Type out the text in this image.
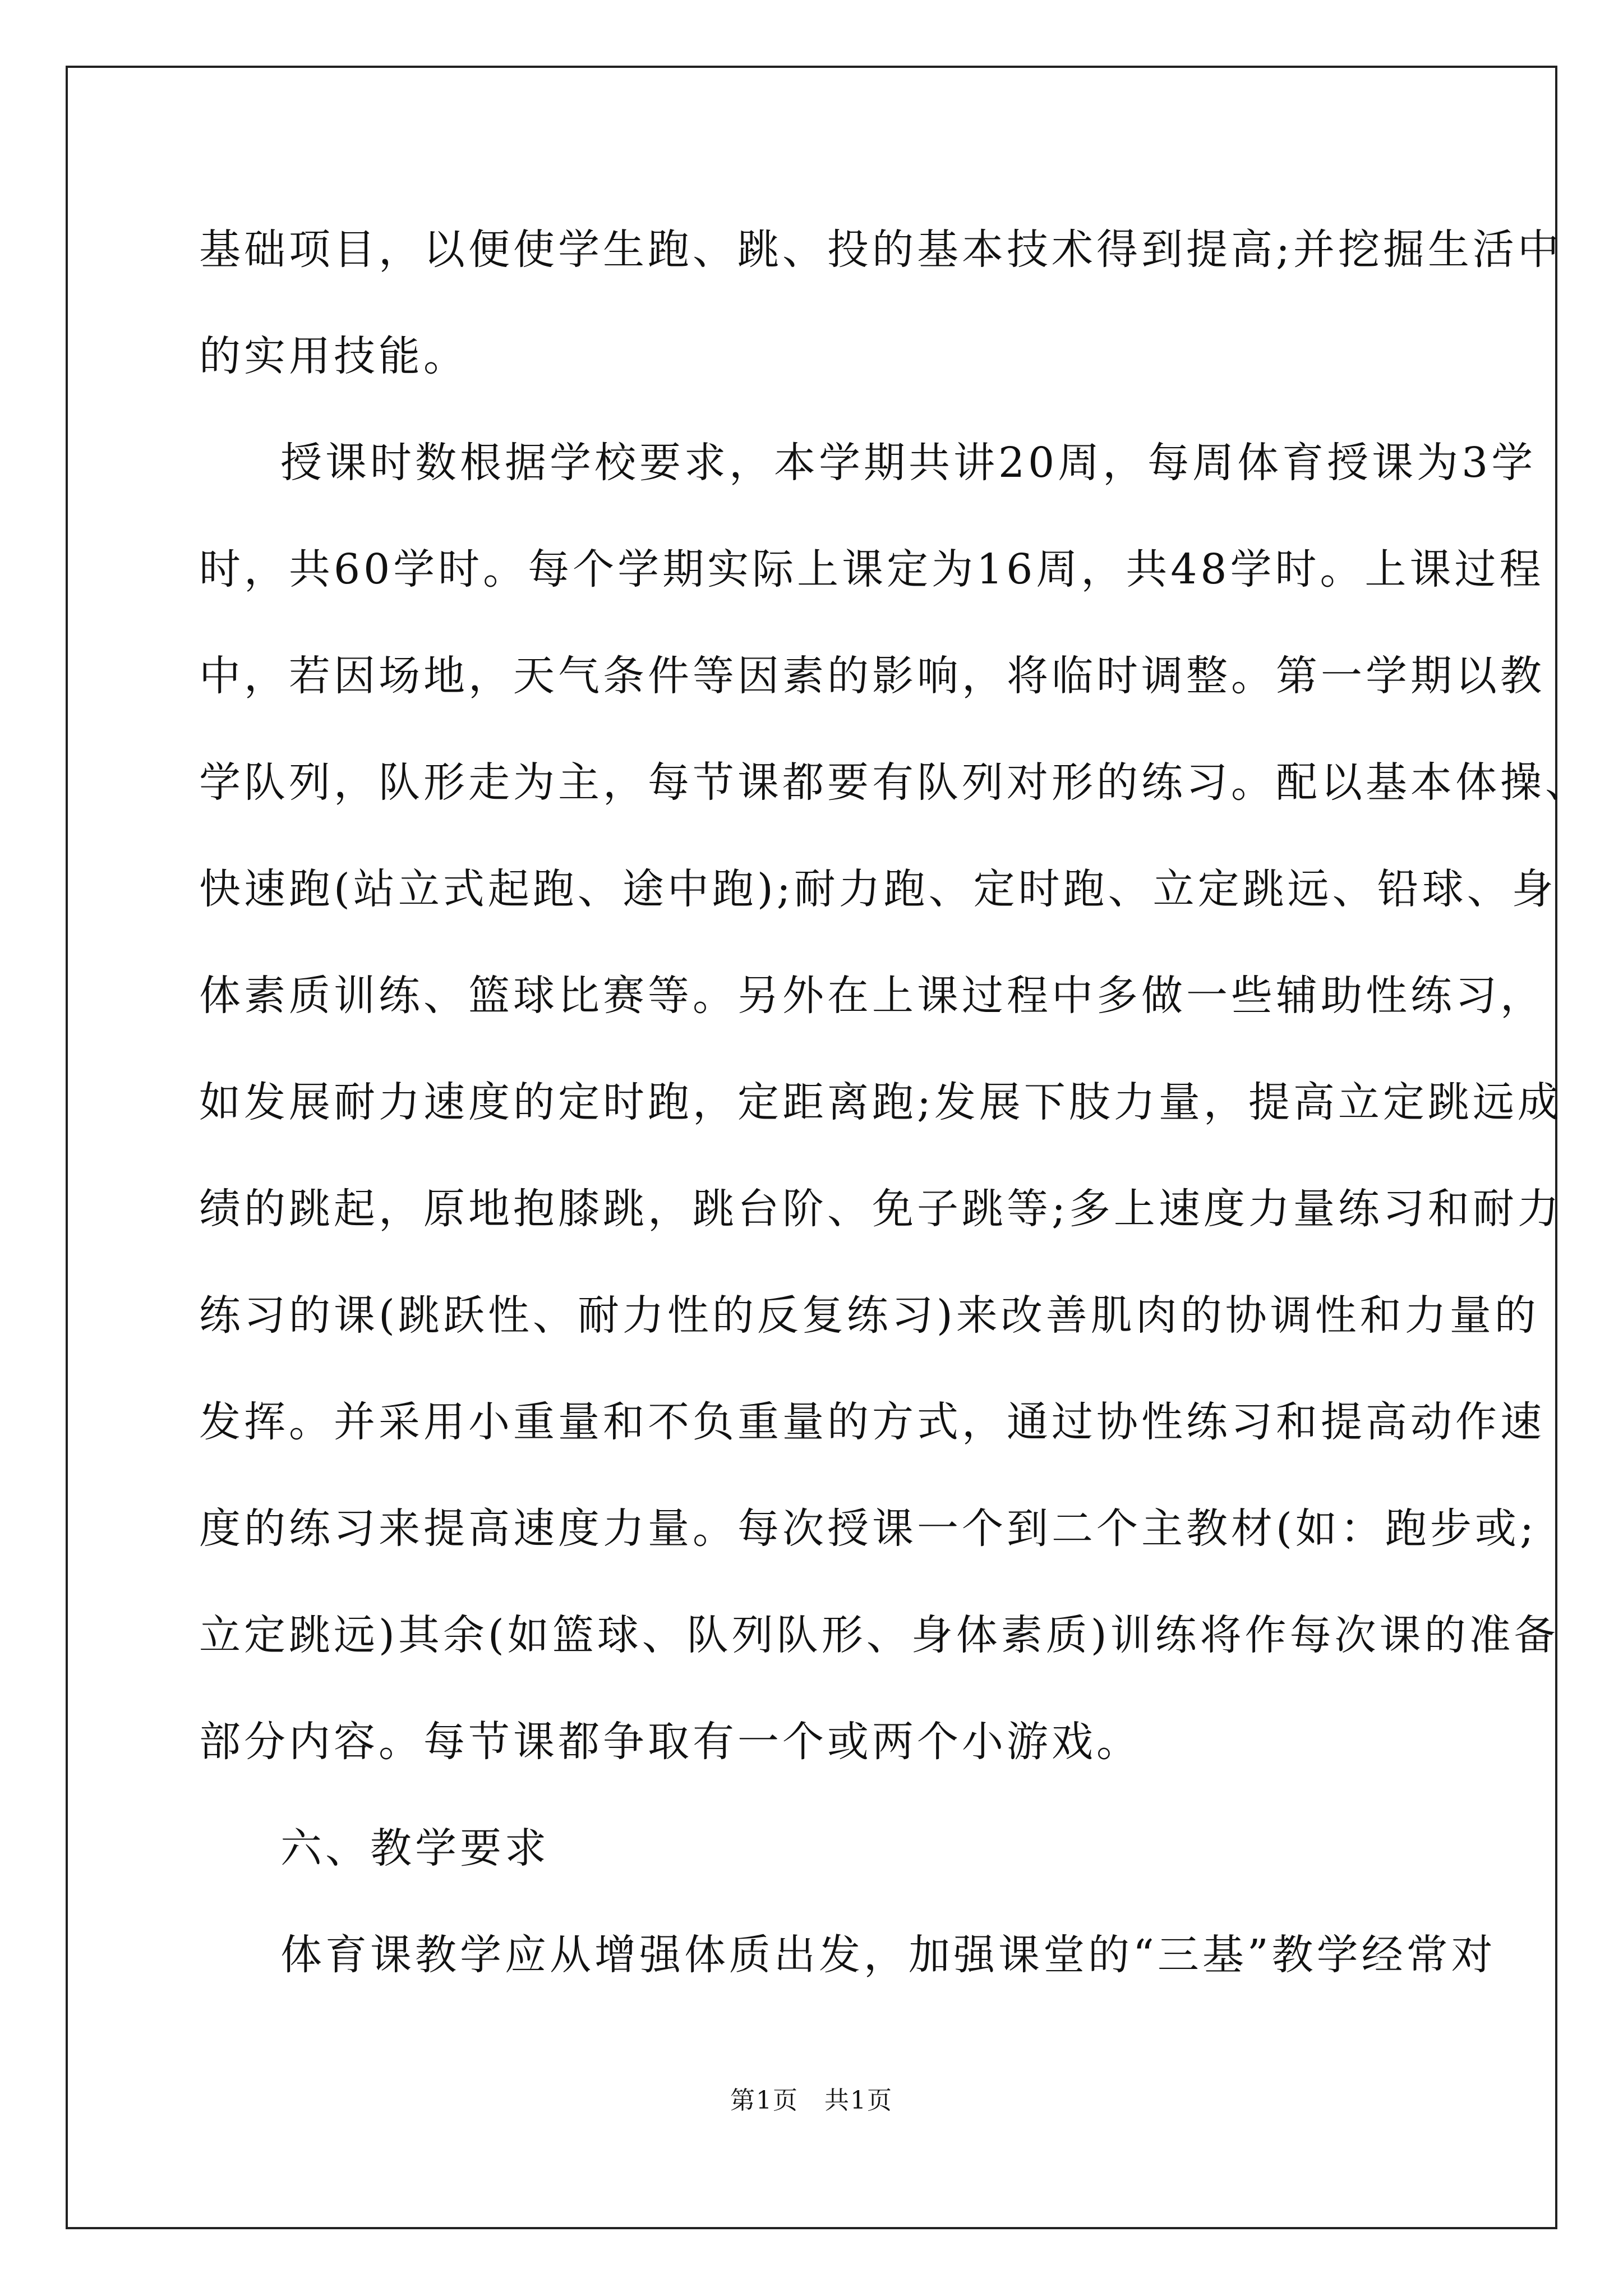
基础项目，以便使学生跑、跳、投的基本技术得到提高;并挖掘生活中
的实用技能。
授课时数根据学校要求，本学期共讲20周，每周体育授课为3学
时，共60学时。每个学期实际上课定为16周，共48学时。上课过程
中，若因场地，天气条件等因素的影响，将临时调整。第一学期以教
学队列，队形走为主，每节课都要有队列对形的练习。配以基本体操、
快速跑(站立式起跑、途中跑);耐力跑、定时跑、立定跳远、铅球、身
体素质训练、篮球比赛等。另外在上课过程中多做一些辅助性练习，
如发展耐力速度的定时跑，定距离跑;发展下肢力量，提高立定跳远成
绩的跳起，原地抱膝跳，跳台阶、免子跳等;多上速度力量练习和耐力
练习的课(跳跃性、耐力性的反复练习)来改善肌肉的协调性和力量的
发挥。并采用小重量和不负重量的方式，通过协性练习和提高动作速
度的练习来提高速度力量。每次授课一个到二个主教材(如：跑步或;
立定跳远)其余(如篮球、队列队形、身体素质)训练将作每次课的准备
部分内容。每节课都争取有一个或两个小游戏。
六、教学要求
体育课教学应从增强体质出发，加强课堂的“三基”教学经常对
第1页　共1页
